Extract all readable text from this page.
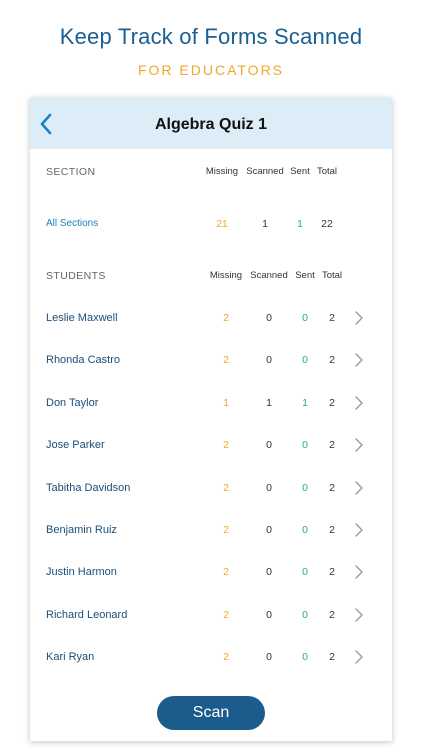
Keep Track of Forms Scanned
FOR EDUCATORS
Algebra Quiz 1
SECTION	Missing Scanned Sent Total
All Sections	21	1	1	22
STUDENTS	Missing Scanned Sent Total
Leslie Maxwell	2	0	0	2
Rhonda Castro	2	0	0	2
Don Taylor	1	1	1	2
Jose Parker	2	0	0	2
Tabitha Davidson	2	0	0	2
Benjamin Ruiz	2	0	0	2
Justin Harmon	2	0	0	2
Richard Leonard	2	0	0	2
Kari Ryan	2	0	0	2
Scan
